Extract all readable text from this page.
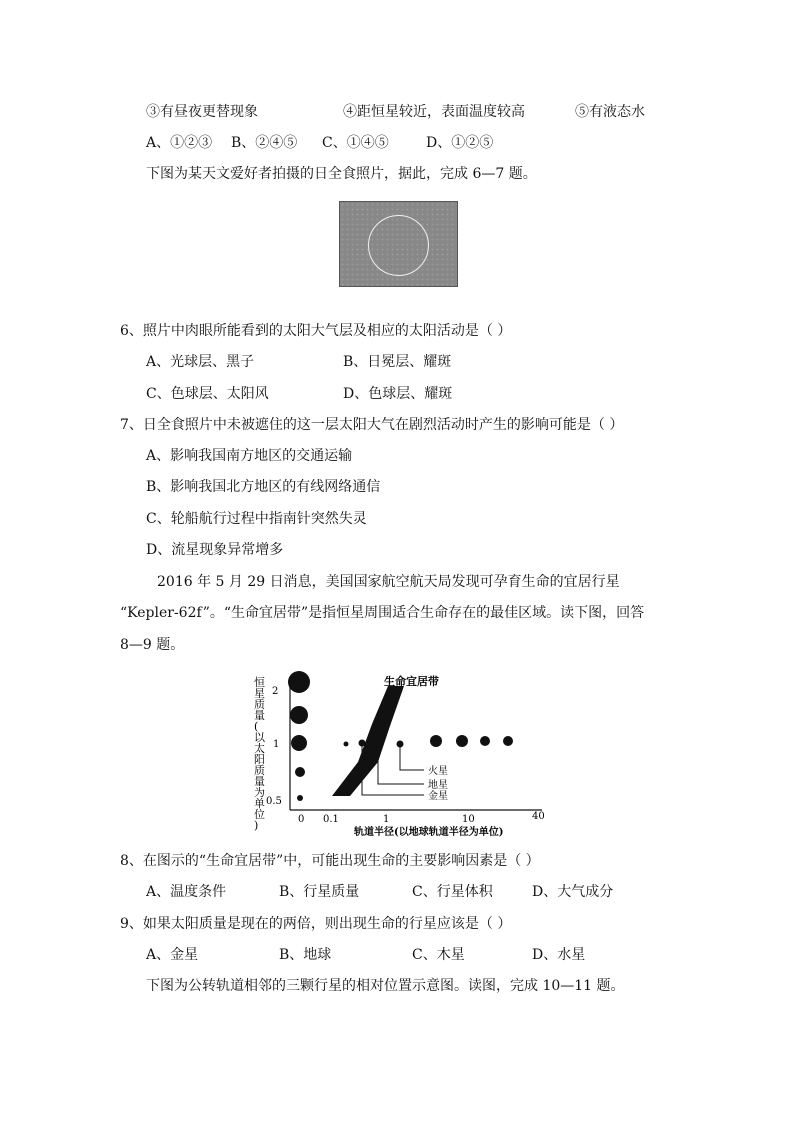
③有昼夜更替现象	④距恒星较近，表面温度较高	⑤有液态水
A、①②③ B、②④⑤ C、①④⑤	D、①②⑤
下图为某天文爱好者拍摄的日全食照片，据此，完成 6—7 题。
6、照片中肉眼所能看到的太阳大气层及相应的太阳活动是（ ）
A、光球层、黑子	B、日冕层、耀斑
C、色球层、太阳风	D、色球层、耀斑
7、日全食照片中未被遮住的这一层太阳大气在剧烈活动时产生的影响可能是（ ）
A、影响我国南方地区的交通运输
B、影响我国北方地区的有线网络通信
C、轮船航行过程中指南针突然失灵
D、流星现象异常增多
2016 年 5 月 29 日消息，美国国家航空航天局发现可孕育生命的宜居行星
“Kepler-62f”。“生命宜居带”是指恒星周围适合生命存在的最佳区域。读下图，回答
8—9 题。
恒星质量(以太阳质量为单位)
2
1
0.5
0 0.1	1	10	40
轨道半径(以地球轨道半径为单位)
生命宜居带
火星
地星
金星
8、在图示的“生命宜居带”中，可能出现生命的主要影响因素是（ ）
A、温度条件	B、行星质量	C、行星体积	D、大气成分
9、如果太阳质量是现在的两倍，则出现生命的行星应该是（ ）
A、金星	B、地球	C、木星	D、水星
下图为公转轨道相邻的三颗行星的相对位置示意图。读图，完成 10—11 题。
